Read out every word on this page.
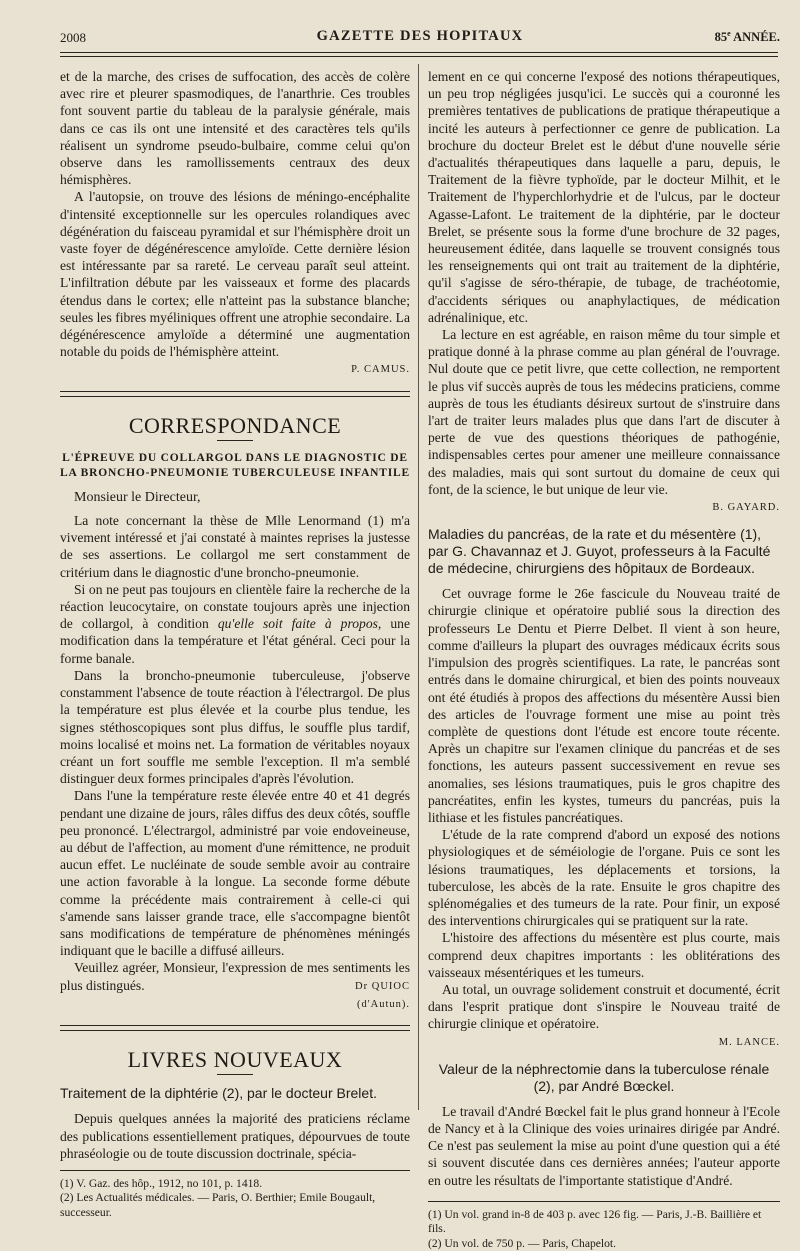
2008	GAZETTE DES HOPITAUX	85e ANNÉE.

et de la marche, des crises de suffocation, des accès de colère avec rire et pleurer spasmodiques, de l'anarthrie. Ces troubles font souvent partie du tableau de la paralysie générale, mais dans ce cas ils ont une intensité et des caractères tels qu'ils réalisent un syndrome pseudo-bulbaire, comme celui qu'on observe dans les ramollissements centraux des deux hémisphères.

A l'autopsie, on trouve des lésions de méningo-encéphalite d'intensité exceptionnelle sur les opercules rolandiques avec dégénération du faisceau pyramidal et sur l'hémisphère droit un vaste foyer de dégénérescence amyloïde. Cette dernière lésion est intéressante par sa rareté. Le cerveau paraît seul atteint. L'infiltration débute par les vaisseaux et forme des placards étendus dans le cortex; elle n'atteint pas la substance blanche; seules les fibres myéliniques offrent une atrophie secondaire. La dégénérescence amyloïde a déterminé une augmentation notable du poids de l'hémisphère atteint.

P. CAMUS.
CORRESPONDANCE
L'ÉPREUVE DU COLLARGOL DANS LE DIAGNOSTIC DE LA BRONCHO-PNEUMONIE TUBERCULEUSE INFANTILE
Monsieur le Directeur,

La note concernant la thèse de Mlle Lenormand (1) m'a vivement intéressé et j'ai constaté à maintes reprises la justesse de ses assertions. Le collargol me sert constamment de critérium dans le diagnostic d'une broncho-pneumonie.

Si on ne peut pas toujours en clientèle faire la recherche de la réaction leucocytaire, on constate toujours après une injection de collargol, à condition qu'elle soit faite à propos, une modification dans la température et l'état général. Ceci pour la forme banale.

Dans la broncho-pneumonie tuberculeuse, j'observe constamment l'absence de toute réaction à l'électrargol. De plus la température est plus élevée et la courbe plus tendue, les signes stéthoscopiques sont plus diffus, le souffle plus tardif, moins localisé et moins net. La formation de véritables noyaux créant un fort souffle me semble l'exception. Il m'a semblé distinguer deux formes principales d'après l'évolution.

Dans l'une la température reste élevée entre 40 et 41 degrés pendant une dizaine de jours, râles diffus des deux côtés, souffle peu prononcé. L'électrargol, administré par voie endoveineuse, au début de l'affection, au moment d'une rémittence, ne produit aucun effet. Le nucléinate de soude semble avoir au contraire une action favorable à la longue. La seconde forme débute comme la précédente mais contrairement à celle-ci qui s'amende sans laisser grande trace, elle s'accompagne bientôt sans modifications de température de phénomènes méningés indiquant que le bacille a diffusé ailleurs.

Veuillez agréer, Monsieur, l'expression de mes sentiments les plus distingués.	Dr QUIOC
(d'Autun).
LIVRES NOUVEAUX
Traitement de la diphtérie (2), par le docteur Brelet.

Depuis quelques années la majorité des praticiens réclame des publications essentiellement pratiques, dépourvues de toute phraséologie ou de toute discussion doctrinale, spécia-

(1) V. Gaz. des hôp., 1912, no 101, p. 1418.

(2) Les Actualités médicales. — Paris, O. Berthier; Emile Bougault, successeur.

lement en ce qui concerne l'exposé des notions thérapeutiques, un peu trop négligées jusqu'ici. Le succès qui a couronné les premières tentatives de publications de pratique thérapeutique a incité les auteurs à perfectionner ce genre de publication. La brochure du docteur Brelet est le début d'une nouvelle série d'actualités thérapeutiques dans laquelle a paru, depuis, le Traitement de la fièvre typhoïde, par le docteur Milhit, et le Traitement de l'hyperchlorhydrie et de l'ulcus, par le docteur Agasse-Lafont. Le traitement de la diphtérie, par le docteur Brelet, se présente sous la forme d'une brochure de 32 pages, heureusement éditée, dans laquelle se trouvent consignés tous les renseignements qui ont trait au traitement de la diphtérie, qu'il s'agisse de séro-thérapie, de tubage, de trachéotomie, d'accidents sériques ou anaphylactiques, de médication adrénalinique, etc.

La lecture en est agréable, en raison même du tour simple et pratique donné à la phrase comme au plan général de l'ouvrage. Nul doute que ce petit livre, que cette collection, ne remportent le plus vif succès auprès de tous les médecins praticiens, comme auprès de tous les étudiants désireux surtout de s'instruire dans l'art de traiter leurs malades plus que dans l'art de discuter à perte de vue des questions théoriques de pathogénie, indispensables certes pour amener une meilleure connaissance des maladies, mais qui sont surtout du domaine de ceux qui font, de la science, le but unique de leur vie.

B. GAYARD.
Maladies du pancréas, de la rate et du mésentère (1), par G. Chavannaz et J. Guyot, professeurs à la Faculté de médecine, chirurgiens des hôpitaux de Bordeaux.

Cet ouvrage forme le 26e fascicule du Nouveau traité de chirurgie clinique et opératoire publié sous la direction des professeurs Le Dentu et Pierre Delbet. Il vient à son heure, comme d'ailleurs la plupart des ouvrages médicaux écrits sous l'impulsion des progrès scientifiques. La rate, le pancréas sont entrés dans le domaine chirurgical, et bien des points nouveaux ont été étudiés à propos des affections du mésentère Aussi bien des articles de l'ouvrage forment une mise au point très complète de questions dont l'étude est encore toute récente. Après un chapitre sur l'examen clinique du pancréas et de ses fonctions, les auteurs passent successivement en revue ses anomalies, ses lésions traumatiques, puis le gros chapitre des pancréatites, enfin les kystes, tumeurs du pancréas, puis la lithiase et les fistules pancréatiques.

L'étude de la rate comprend d'abord un exposé des notions physiologiques et de séméiologie de l'organe. Puis ce sont les lésions traumatiques, les déplacements et torsions, la tuberculose, les abcès de la rate. Ensuite le gros chapitre des splénomégalies et des tumeurs de la rate. Pour finir, un exposé des interventions chirurgicales qui se pratiquent sur la rate.

L'histoire des affections du mésentère est plus courte, mais comprend deux chapitres importants : les oblitérations des vaisseaux mésentériques et les tumeurs.

Au total, un ouvrage solidement construit et documenté, écrit dans l'esprit pratique dont s'inspire le Nouveau traité de chirurgie clinique et opératoire.

M. LANCE.
Valeur de la néphrectomie dans la tuberculose rénale (2), par André Bœckel.

Le travail d'André Bœckel fait le plus grand honneur à l'Ecole de Nancy et à la Clinique des voies urinaires dirigée par André. Ce n'est pas seulement la mise au point d'une question qui a été si souvent discutée dans ces dernières années; l'auteur apporte en outre les résultats de l'importante statistique d'André.

(1) Un vol. grand in-8 de 403 p. avec 126 fig. — Paris, J.-B. Baillière et fils.

(2) Un vol. de 750 p. — Paris, Chapelot.
